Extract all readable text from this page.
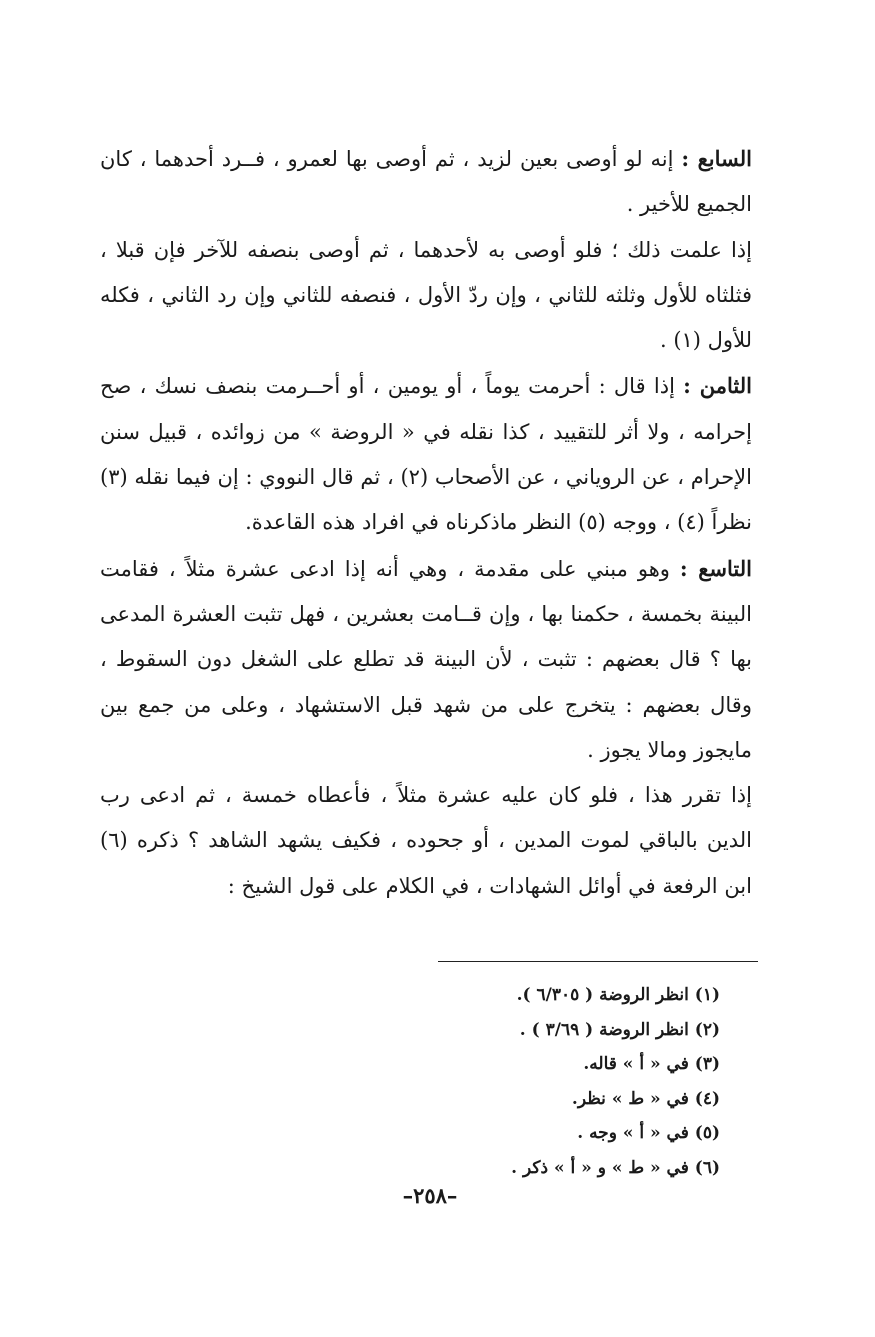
السابع : إنه لو أوصى بعين لزيد ، ثم أوصى بها لعمرو ، فــرد أحدهما ، كان الجميع للأخير .

إذا علمت ذلك ؛ فلو أوصى به لأحدهما ، ثم أوصى بنصفه للآخر فإن قبلا ، فثلثاه للأول وثلثه للثاني ، وإن ردّ الأول ، فنصفه للثاني وإن رد الثاني ، فكله للأول (١) .

الثامن : إذا قال : أحرمت يوماً ، أو يومين ، أو أحــرمت بنصف نسك ، صح إحرامه ، ولا أثر للتقييد ، كذا نقله في « الروضة » من زوائده ، قبيل سنن الإحرام ، عن الروياني ، عن الأصحاب (٢) ، ثم قال النووي : إن فيما نقله (٣) نظراً (٤) ، ووجه (٥) النظر ماذكرناه في افراد هذه القاعدة.

التاسع : وهو مبني على مقدمة ، وهي أنه إذا ادعى عشرة مثلاً ، فقامت البينة بخمسة ، حكمنا بها ، وإن قــامت بعشرين ، فهل تثبت العشرة المدعى بها ؟ قال بعضهم : تثبت ، لأن البينة قد تطلع على الشغل دون السقوط ، وقال بعضهم : يتخرج على من شهد قبل الاستشهاد ، وعلى من جمع بين مايجوز ومالا يجوز .

إذا تقرر هذا ، فلو كان عليه عشرة مثلاً ، فأعطاه خمسة ، ثم ادعى رب الدين بالباقي لموت المدين ، أو جحوده ، فكيف يشهد الشاهد ؟ ذكره (٦) ابن الرفعة في أوائل الشهادات ، في الكلام على قول الشيخ :

(١) انظر الروضة ( ٦/٣٠٥ ).
(٢) انظر الروضة ( ٣/٦٩ ) .
(٣) في « أ » قاله.
(٤) في « ط » نظر.
(٥) في « أ » وجه .
(٦) في « ط » و « أ » ذكر .
–٢٥٨–
